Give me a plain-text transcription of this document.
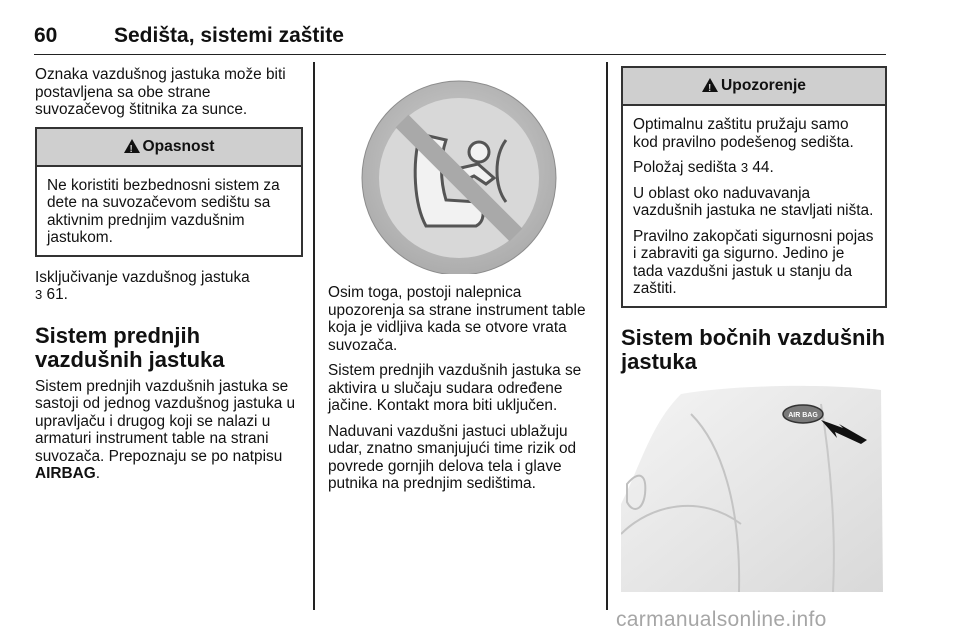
60	Sedišta, sistemi zaštite

Oznaka vazdušnog jastuka može biti postavljena sa obe strane suvozačevog štitnika za sunce.

!
Opasnost

Ne koristiti bezbednosni sistem za dete na suvozačevom sedištu sa aktivnim prednjim vazdušnim jastukom.

Isključivanje vazdušnog jastuka
3 61.

Sistem prednjih vazdušnih jastuka

Sistem prednjih vazdušnih jastuka se sastoji od jednog vazdušnog jastuka u upravljaču i drugog koji se nalazi u armaturi instrument table na strani suvozača. Prepoznaju se po natpisu AIRBAG.

Osim toga, postoji nalepnica upozorenja sa strane instrument table koja je vidljiva kada se otvore vrata suvozača.

Sistem prednjih vazdušnih jastuka se aktivira u slučaju sudara određene jačine. Kontakt mora biti uključen.

Naduvani vazdušni jastuci ublažuju udar, znatno smanjujući time rizik od povrede gornjih delova tela i glave putnika na prednjim sedištima.

!
Upozorenje

Optimalnu zaštitu pružaju samo kod pravilno podešenog sedišta.

Položaj sedišta 3 44.

U oblast oko naduvavanja vazdušnih jastuka ne stavljati ništa.

Pravilno zakopčati sigurnosni pojas i zabraviti ga sigurno. Jedino je tada vazdušni jastuk u stanju da zaštiti.

Sistem bočnih vazdušnih jastuka
AIR BAG
carmanualsonline.info
